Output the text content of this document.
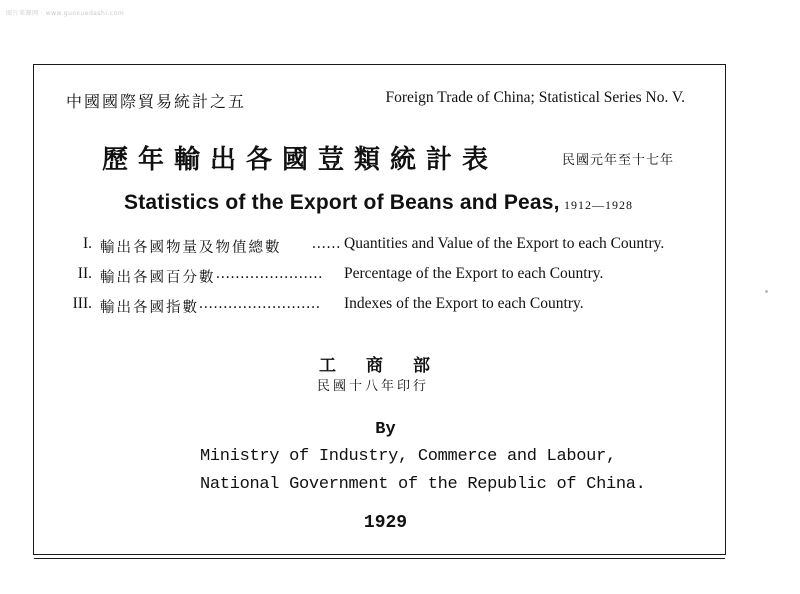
图片来源网 · www.guoxuedashi.com
中國國際貿易統計之五	Foreign Trade of China; Statistical Series No. V.
歷年輸出各國荳類統計表	民國元年至十七年
Statistics of the Export of Beans and Peas, 1912—1928
I. 輸出各國物量及物值總數 ...... Quantities and Value of the Export to each Country.
II. 輸出各國百分數 ...................... Percentage of the Export to each Country.
III. 輸出各國指數 ......................... Indexes of the Export to each Country.
工商部
民國十八年印行
By
Ministry of Industry, Commerce and Labour,
National Government of the Republic of China.
1929
